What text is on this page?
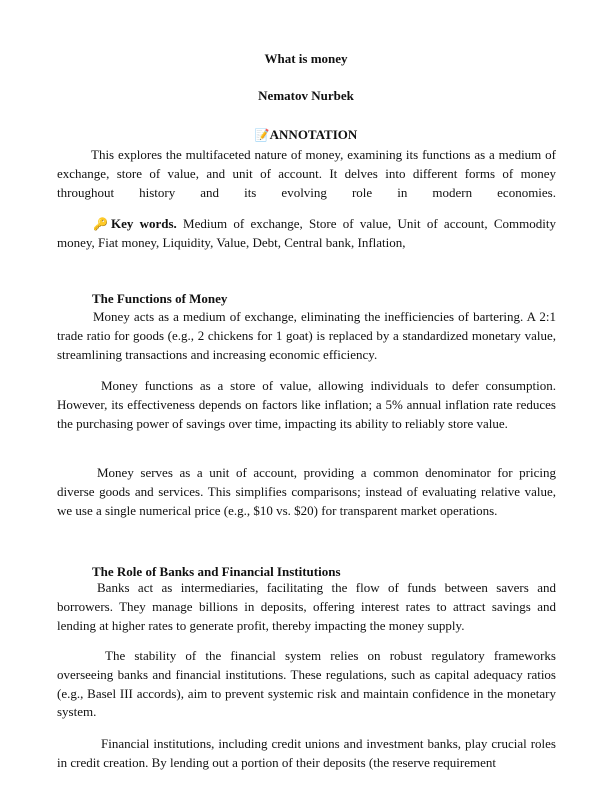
What is money
Nematov Nurbek
📝ANNOTATION

This explores the multifaceted nature of money, examining its functions as a medium of exchange, store of value, and unit of account. It delves into different forms of money throughout history and its evolving role in modern economies.

🔑Key words. Medium of exchange, Store of value, Unit of account, Commodity money, Fiat money, Liquidity, Value, Debt, Central bank, Inflation,

The Functions of Money

Money acts as a medium of exchange, eliminating the inefficiencies of bartering. A 2:1 trade ratio for goods (e.g., 2 chickens for 1 goat) is replaced by a standardized monetary value, streamlining transactions and increasing economic efficiency.

Money functions as a store of value, allowing individuals to defer consumption. However, its effectiveness depends on factors like inflation; a 5% annual inflation rate reduces the purchasing power of savings over time, impacting its ability to reliably store value.

Money serves as a unit of account, providing a common denominator for pricing diverse goods and services. This simplifies comparisons; instead of evaluating relative value, we use a single numerical price (e.g., $10 vs. $20) for transparent market operations.

The Role of Banks and Financial Institutions

Banks act as intermediaries, facilitating the flow of funds between savers and borrowers. They manage billions in deposits, offering interest rates to attract savings and lending at higher rates to generate profit, thereby impacting the money supply.

The stability of the financial system relies on robust regulatory frameworks overseeing banks and financial institutions. These regulations, such as capital adequacy ratios (e.g., Basel III accords), aim to prevent systemic risk and maintain confidence in the monetary system.

Financial institutions, including credit unions and investment banks, play crucial roles in credit creation. By lending out a portion of their deposits (the reserve requirement
